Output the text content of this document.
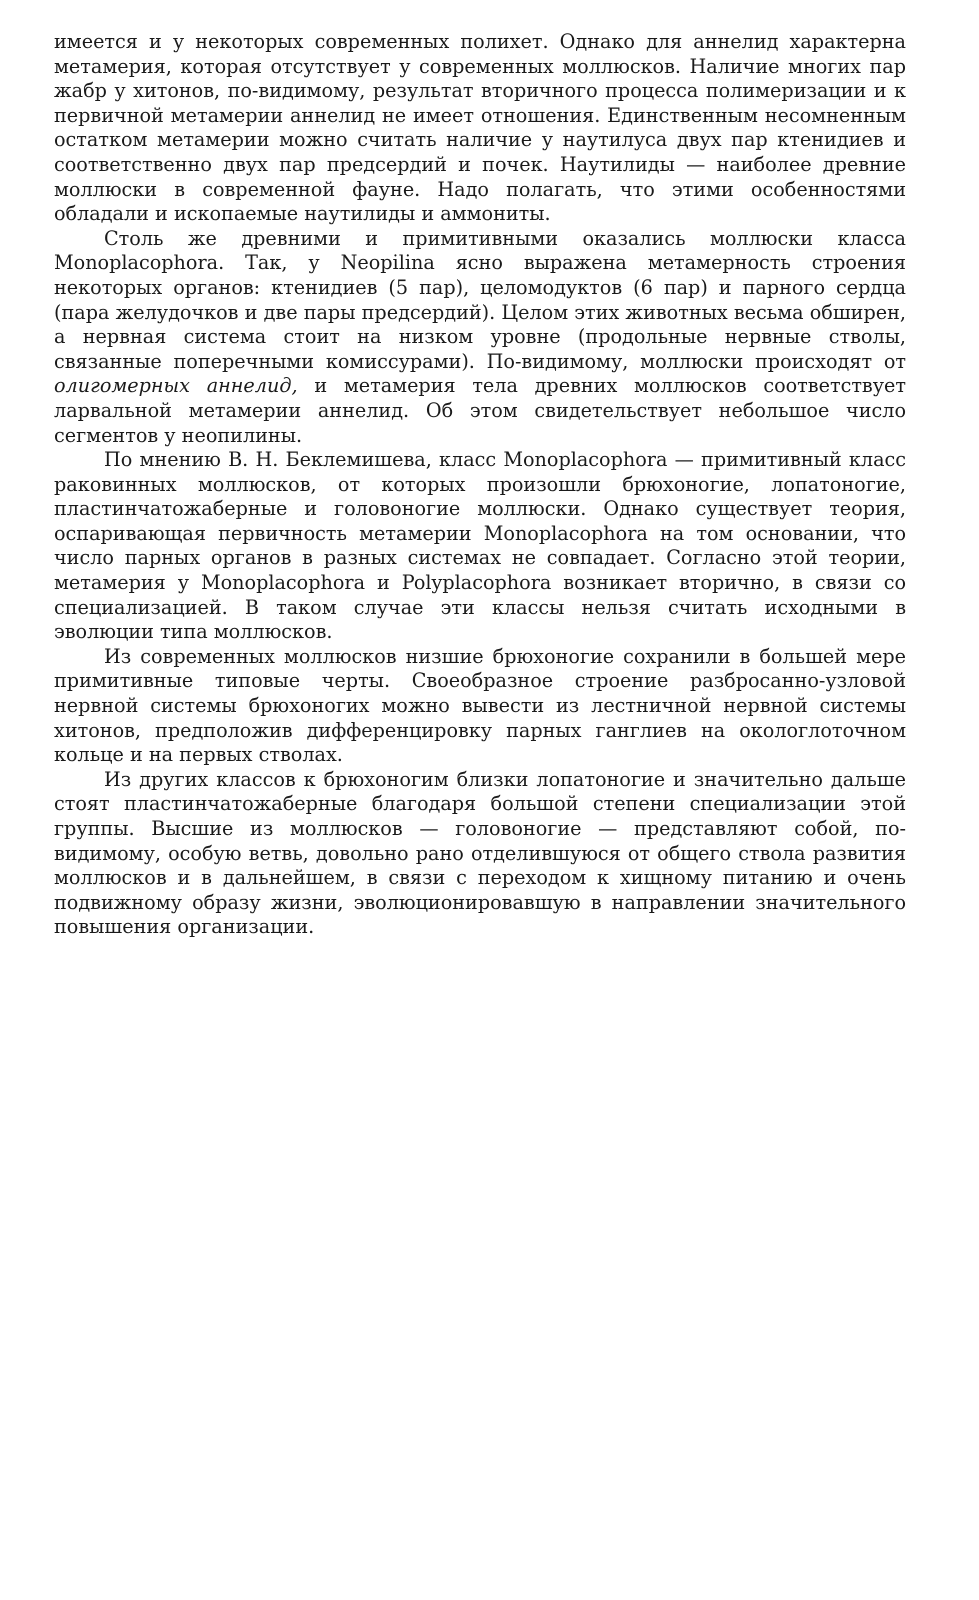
имеется и у некоторых современных полихет. Однако для аннелид характерна метамерия, которая отсутствует у современных моллюсков. Наличие многих пар жабр у хитонов, по-видимому, результат вторичного процесса полимеризации и к первичной метамерии аннелид не имеет отношения. Единственным несомненным остатком метамерии можно считать наличие у наутилуса двух пар ктенидиев и соответственно двух пар предсердий и почек. Наутилиды — наиболее древние моллюски в современной фауне. Надо полагать, что этими особенностями обладали и ископаемые наутилиды и аммониты.

Столь же древними и примитивными оказались моллюски класса Monoplacophora. Так, у Neopilina ясно выражена метамерность строения некоторых органов: ктенидиев (5 пар), целомодуктов (6 пар) и парного сердца (пара желудочков и две пары предсердий). Целом этих животных весьма обширен, а нервная система стоит на низком уровне (продольные нервные стволы, связанные поперечными комиссурами). По-видимому, моллюски происходят от олигомерных аннелид, и метамерия тела древних моллюсков соответствует ларвальной метамерии аннелид. Об этом свидетельствует небольшое число сегментов у неопилины.

По мнению В. Н. Беклемишева, класс Monoplacophora — примитивный класс раковинных моллюсков, от которых произошли брюхоногие, лопатоногие, пластинчатожаберные и головоногие моллюски. Однако существует теория, оспаривающая первичность метамерии Monoplacophora на том основании, что число парных органов в разных системах не совпадает. Согласно этой теории, метамерия у Monoplacophora и Polyplacophora возникает вторично, в связи со специализацией. В таком случае эти классы нельзя считать исходными в эволюции типа моллюсков.

Из современных моллюсков низшие брюхоногие сохранили в большей мере примитивные типовые черты. Своеобразное строение разбросанно-узловой нервной системы брюхоногих можно вывести из лестничной нервной системы хитонов, предположив дифференцировку парных ганглиев на окологлоточном кольце и на первых стволах.

Из других классов к брюхоногим близки лопатоногие и значительно дальше стоят пластинчатожаберные благодаря большой степени специализации этой группы. Высшие из моллюсков — головоногие — представляют собой, по-видимому, особую ветвь, довольно рано отделившуюся от общего ствола развития моллюсков и в дальнейшем, в связи с переходом к хищному питанию и очень подвижному образу жизни, эволюционировавшую в направлении значительного повышения организации.
